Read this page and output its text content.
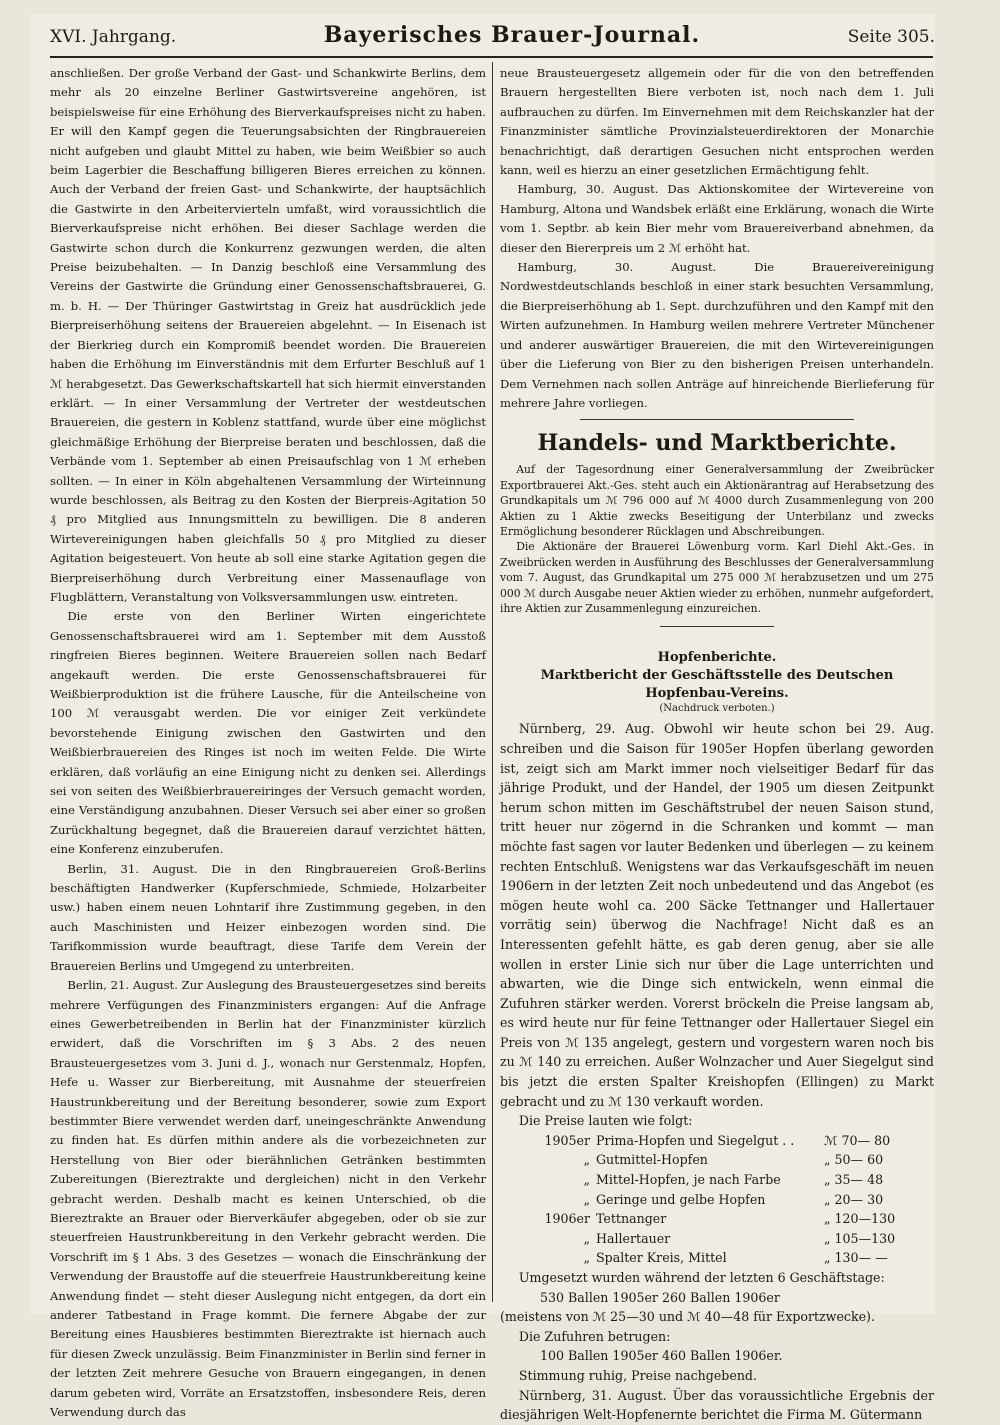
XVI. Jahrgang.	Bayerisches Brauer-Journal.	Seite 305.

anschließen. Der große Verband der Gast- und Schankwirte Berlins, dem mehr als 20 einzelne Berliner Gastwirtsvereine angehören, ist beispielsweise für eine Erhöhung des Bierverkaufspreises nicht zu haben. Er will den Kampf gegen die Teuerungsabsichten der Ringbrauereien nicht aufgeben und glaubt Mittel zu haben, wie beim Weißbier so auch beim Lagerbier die Beschaffung billigeren Bieres erreichen zu können. Auch der Verband der freien Gast- und Schankwirte, der hauptsächlich die Gastwirte in den Arbeitervierteln umfaßt, wird voraussichtlich die Bierverkaufspreise nicht erhöhen. Bei dieser Sachlage werden die Gastwirte schon durch die Konkurrenz gezwungen werden, die alten Preise beizubehalten. — In Danzig beschloß eine Versammlung des Vereins der Gastwirte die Gründung einer Genossenschaftsbrauerei, G. m. b. H. — Der Thüringer Gastwirtstag in Greiz hat ausdrücklich jede Bierpreiserhöhung seitens der Brauereien abgelehnt. — In Eisenach ist der Bierkrieg durch ein Kompromiß beendet worden. Die Brauereien haben die Erhöhung im Einverständnis mit dem Erfurter Beschluß auf 1 ℳ herabgesetzt. Das Gewerkschaftskartell hat sich hiermit einverstanden erklärt. — In einer Versammlung der Vertreter der westdeutschen Brauereien, die gestern in Koblenz stattfand, wurde über eine möglichst gleichmäßige Erhöhung der Bierpreise beraten und beschlossen, daß die Verbände vom 1. September ab einen Preisaufschlag von 1 ℳ erheben sollten. — In einer in Köln abgehaltenen Versammlung der Wirteinnung wurde beschlossen, als Beitrag zu den Kosten der Bierpreis-Agitation 50 ₰ pro Mitglied aus Innungsmitteln zu bewilligen. Die 8 anderen Wirtevereinigungen haben gleichfalls 50 ₰ pro Mitglied zu dieser Agitation beigesteuert. Von heute ab soll eine starke Agitation gegen die Bierpreiserhöhung durch Verbreitung einer Massenauflage von Flugblättern, Veranstaltung von Volksversammlungen usw. eintreten.

Die erste von den Berliner Wirten eingerichtete Genossenschaftsbrauerei wird am 1. September mit dem Ausstoß ringfreien Bieres beginnen. Weitere Brauereien sollen nach Bedarf angekauft werden. Die erste Genossenschaftsbrauerei für Weißbierproduktion ist die frühere Lausche, für die Anteilscheine von 100 ℳ verausgabt werden. Die vor einiger Zeit verkündete bevorstehende Einigung zwischen den Gastwirten und den Weißbierbrauereien des Ringes ist noch im weiten Felde. Die Wirte erklären, daß vorläufig an eine Einigung nicht zu denken sei. Allerdings sei von seiten des Weißbierbrauereiringes der Versuch gemacht worden, eine Verständigung anzubahnen. Dieser Versuch sei aber einer so großen Zurückhaltung begegnet, daß die Brauereien darauf verzichtet hätten, eine Konferenz einzuberufen.

Berlin, 31. August. Die in den Ringbrauereien Groß-Berlins beschäftigten Handwerker (Kupferschmiede, Schmiede, Holzarbeiter usw.) haben einem neuen Lohntarif ihre Zustimmung gegeben, in den auch Maschinisten und Heizer einbezogen worden sind. Die Tarifkommission wurde beauftragt, diese Tarife dem Verein der Brauereien Berlins und Umgegend zu unterbreiten.

Berlin, 21. August. Zur Auslegung des Brausteuergesetzes sind bereits mehrere Verfügungen des Finanzministers ergangen: Auf die Anfrage eines Gewerbetreibenden in Berlin hat der Finanzminister kürzlich erwidert, daß die Vorschriften im § 3 Abs. 2 des neuen Brausteuergesetzes vom 3. Juni d. J., wonach nur Gerstenmalz, Hopfen, Hefe u. Wasser zur Bierbereitung, mit Ausnahme der steuerfreien Haustrunkbereitung und der Bereitung besonderer, sowie zum Export bestimmter Biere verwendet werden darf, uneingeschränkte Anwendung zu finden hat. Es dürfen mithin andere als die vorbezeichneten zur Herstellung von Bier oder bierähnlichen Getränken bestimmten Zubereitungen (Biereztrakte und dergleichen) nicht in den Verkehr gebracht werden. Deshalb macht es keinen Unterschied, ob die Biereztrakte an Brauer oder Bierverkäufer abgegeben, oder ob sie zur steuerfreien Haustrunkbereitung in den Verkehr gebracht werden. Die Vorschrift im § 1 Abs. 3 des Gesetzes — wonach die Einschränkung der Verwendung der Braustoffe auf die steuerfreie Haustrunkbereitung keine Anwendung findet — steht dieser Auslegung nicht entgegen, da dort ein anderer Tatbestand in Frage kommt. Die fernere Abgabe der zur Bereitung eines Hausbieres bestimmten Biereztrakte ist hiernach auch für diesen Zweck unzulässig. Beim Finanzminister in Berlin sind ferner in der letzten Zeit mehrere Gesuche von Brauern eingegangen, in denen darum gebeten wird, Vorräte an Ersatzstoffen, insbesondere Reis, deren Verwendung durch das

neue Brausteuergesetz allgemein oder für die von den betreffenden Brauern hergestellten Biere verboten ist, noch nach dem 1. Juli aufbrauchen zu dürfen. Im Einvernehmen mit dem Reichskanzler hat der Finanzminister sämtliche Provinzialsteuerdirektoren der Monarchie benachrichtigt, daß derartigen Gesuchen nicht entsprochen werden kann, weil es hierzu an einer gesetzlichen Ermächtigung fehlt.

Hamburg, 30. August. Das Aktionskomitee der Wirtevereine von Hamburg, Altona und Wandsbek erläßt eine Erklärung, wonach die Wirte vom 1. Septbr. ab kein Bier mehr vom Brauereiverband abnehmen, da dieser den Biererpreis um 2 ℳ erhöht hat.

Hamburg, 30. August. Die Brauereivereinigung Nordwestdeutschlands beschloß in einer stark besuchten Versammlung, die Bierpreiserhöhung ab 1. Sept. durchzuführen und den Kampf mit den Wirten aufzunehmen. In Hamburg weilen mehrere Vertreter Münchener und anderer auswärtiger Brauereien, die mit den Wirtevereinigungen über die Lieferung von Bier zu den bisherigen Preisen unterhandeln. Dem Vernehmen nach sollen Anträge auf hinreichende Bierlieferung für mehrere Jahre vorliegen.

Handels- und Marktberichte.

Auf der Tagesordnung einer Generalversammlung der Zweibrücker Exportbrauerei Akt.-Ges. steht auch ein Aktionärantrag auf Herabsetzung des Grundkapitals um ℳ 796 000 auf ℳ 4000 durch Zusammenlegung von 200 Aktien zu 1 Aktie zwecks Beseitigung der Unterbilanz und zwecks Ermöglichung besonderer Rücklagen und Abschreibungen.

Die Aktionäre der Brauerei Löwenburg vorm. Karl Diehl Akt.-Ges. in Zweibrücken werden in Ausführung des Beschlusses der Generalversammlung vom 7. August, das Grundkapital um 275 000 ℳ herabzusetzen und um 275 000 ℳ durch Ausgabe neuer Aktien wieder zu erhöhen, nunmehr aufgefordert, ihre Aktien zur Zusammenlegung einzureichen.

Hopfenberichte.
Marktbericht der Geschäftsstelle des Deutschen Hopfenbau-Vereins.
(Nachdruck verboten.)

Nürnberg, 29. Aug. Obwohl wir heute schon bei 29. Aug. schreiben und die Saison für 1905er Hopfen überlang geworden ist, zeigt sich am Markt immer noch vielseitiger Bedarf für das jährige Produkt, und der Handel, der 1905 um diesen Zeitpunkt herum schon mitten im Geschäftstrubel der neuen Saison stund, tritt heuer nur zögernd in die Schranken und kommt — man möchte fast sagen vor lauter Bedenken und überlegen — zu keinem rechten Entschluß. Wenigstens war das Verkaufsgeschäft im neuen 1906ern in der letzten Zeit noch unbedeutend und das Angebot (es mögen heute wohl ca. 200 Säcke Tettnanger und Hallertauer vorrätig sein) überwog die Nachfrage! Nicht daß es an Interessenten gefehlt hätte, es gab deren genug, aber sie alle wollen in erster Linie sich nur über die Lage unterrichten und abwarten, wie die Dinge sich entwickeln, wenn einmal die Zufuhren stärker werden. Vorerst bröckeln die Preise langsam ab, es wird heute nur für feine Tettnanger oder Hallertauer Siegel ein Preis von ℳ 135 angelegt, gestern und vorgestern waren noch bis zu ℳ 140 zu erreichen. Außer Wolnzacher und Auer Siegelgut sind bis jetzt die ersten Spalter Kreishopfen (Ellingen) zu Markt gebracht und zu ℳ 130 verkauft worden.

Die Preise lauten wie folgt:

1905er Prima-Hopfen und Siegelgut . .	ℳ 70— 80
„ Gutmittel-Hopfen	„ 50— 60
„ Mittel-Hopfen, je nach Farbe	„ 35— 48
„ Geringe und gelbe Hopfen	„ 20— 30
1906er Tettnanger	„ 120—130
„ Hallertauer	„ 105—130
„ Spalter Kreis, Mittel	„ 130— —

Umgesetzt wurden während der letzten 6 Geschäftstage:

530 Ballen 1905er 260 Ballen 1906er
(meistens von ℳ 25—30 und ℳ 40—48 für Exportzwecke).

Die Zufuhren betrugen:

100 Ballen 1905er 460 Ballen 1906er.

Stimmung ruhig, Preise nachgebend.

Nürnberg, 31. August. Über das voraussichtliche Ergebnis der diesjährigen Welt-Hopfenernte berichtet die Firma M. Gütermann
